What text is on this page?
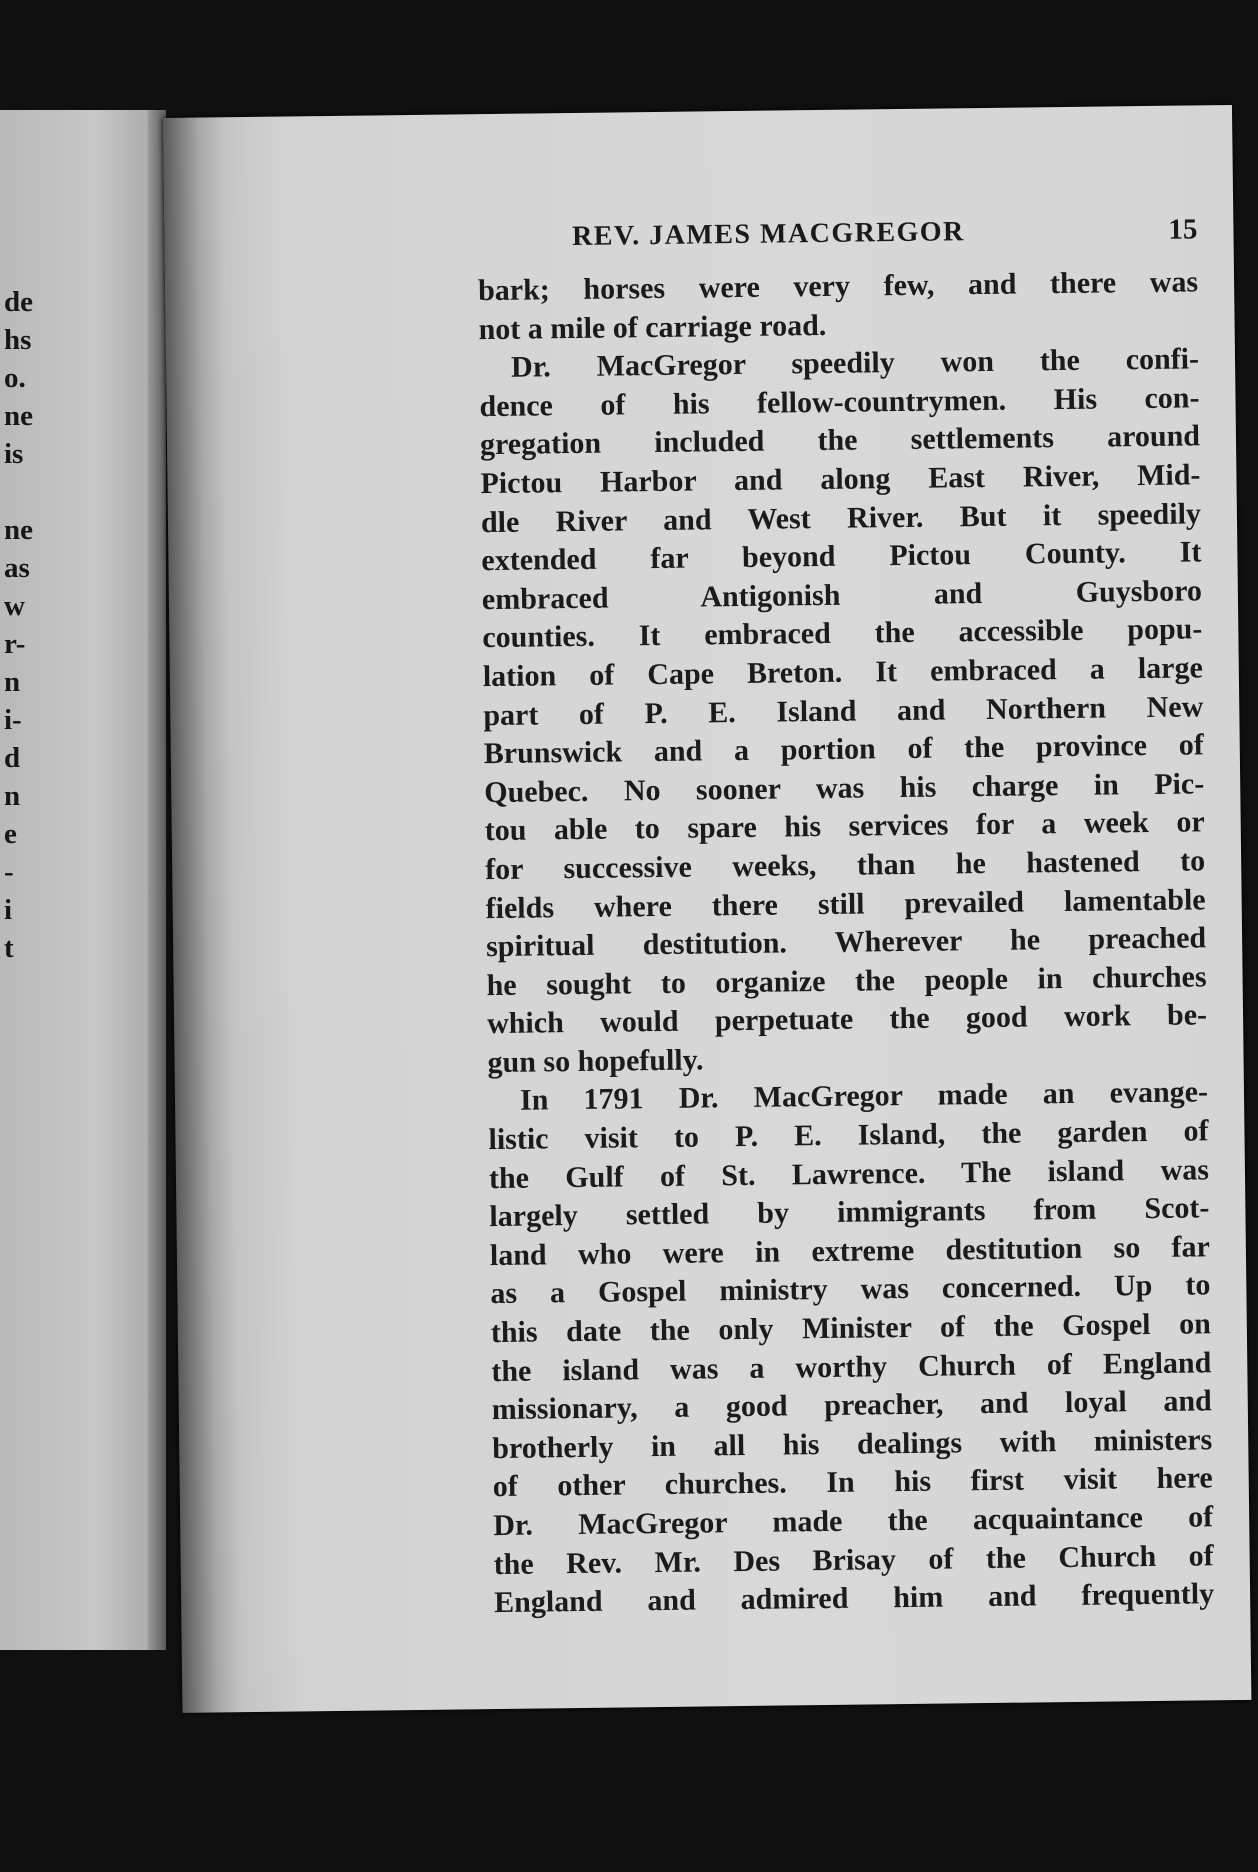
de

hs

o.

ne

is

ne

as

w

r-

n

i-

d

n

e

-

i

t

REV. JAMES MACGREGOR	15
bark; horses were very few, and there was
not a mile of carriage road.
Dr. MacGregor speedily won the confi-
dence of his fellow-countrymen. His con-
gregation included the settlements around
Pictou Harbor and along East River, Mid-
dle River and West River. But it speedily
extended far beyond Pictou County. It
embraced Antigonish and Guysboro
counties. It embraced the accessible popu-
lation of Cape Breton. It embraced a large
part of P. E. Island and Northern New
Brunswick and a portion of the province of
Quebec. No sooner was his charge in Pic-
tou able to spare his services for a week or
for successive weeks, than he hastened to
fields where there still prevailed lamentable
spiritual destitution. Wherever he preached
he sought to organize the people in churches
which would perpetuate the good work be-
gun so hopefully.
In 1791 Dr. MacGregor made an evange-
listic visit to P. E. Island, the garden of
the Gulf of St. Lawrence. The island was
largely settled by immigrants from Scot-
land who were in extreme destitution so far
as a Gospel ministry was concerned. Up to
this date the only Minister of the Gospel on
the island was a worthy Church of England
missionary, a good preacher, and loyal and
brotherly in all his dealings with ministers
of other churches. In his first visit here
Dr. MacGregor made the acquaintance of
the Rev. Mr. Des Brisay of the Church of
England and admired him and frequently
